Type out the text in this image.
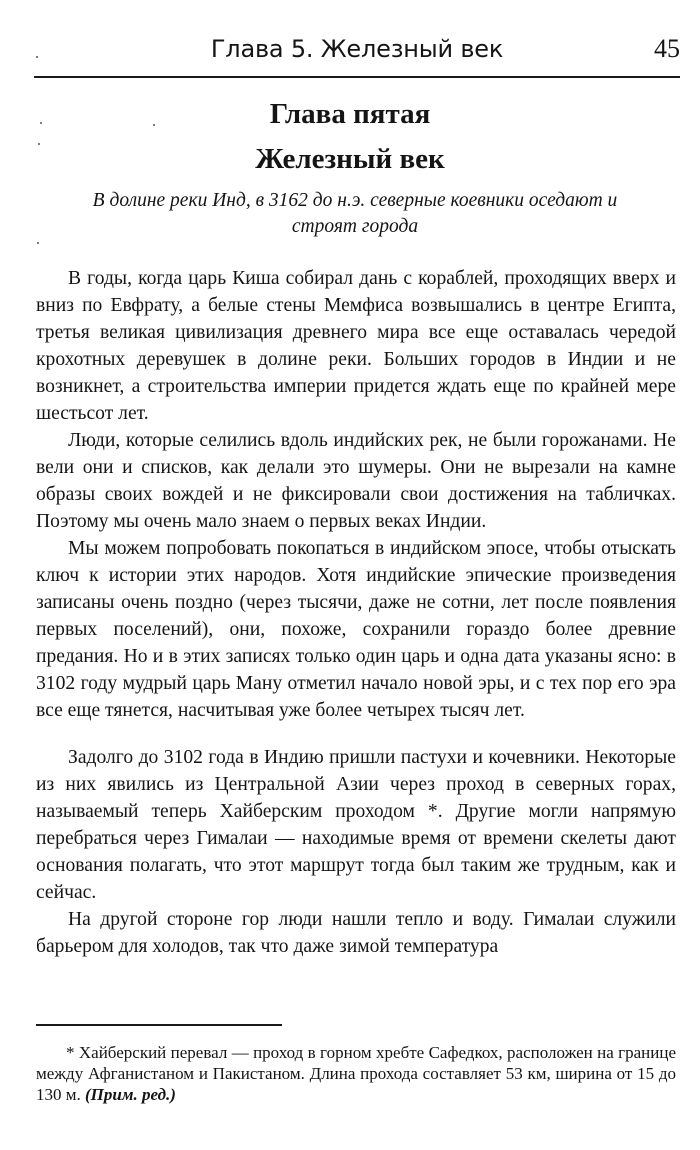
Глава 5. Железный век	45
Глава пятая
Железный век
В долине реки Инд, в 3162 до н.э. северные коевники оседают и строят города

В годы, когда царь Киша собирал дань с кораблей, проходящих вверх и вниз по Евфрату, а белые стены Мемфиса возвышались в центре Египта, третья великая цивилизация древнего мира все еще оставалась чередой крохотных деревушек в долине реки. Больших городов в Индии и не возникнет, а строительства империи придется ждать еще по крайней мере шестьсот лет.

Люди, которые селились вдоль индийских рек, не были горожанами. Не вели они и списков, как делали это шумеры. Они не вырезали на камне образы своих вождей и не фиксировали свои достижения на табличках. Поэтому мы очень мало знаем о первых веках Индии.

Мы можем попробовать покопаться в индийском эпосе, чтобы отыскать ключ к истории этих народов. Хотя индийские эпические произведения записаны очень поздно (через тысячи, даже не сотни, лет после появления первых поселений), они, похоже, сохранили гораздо более древние предания. Но и в этих записях только один царь и одна дата указаны ясно: в 3102 году мудрый царь Ману отметил начало новой эры, и с тех пор его эра все еще тянется, насчитывая уже более четырех тысяч лет.

Задолго до 3102 года в Индию пришли пастухи и кочевники. Некоторые из них явились из Центральной Азии через проход в северных горах, называемый теперь Хайберским проходом *. Другие могли напрямую перебраться через Гималаи — находимые время от времени скелеты дают основания полагать, что этот маршрут тогда был таким же трудным, как и сейчас.

На другой стороне гор люди нашли тепло и воду. Гималаи служили барьером для холодов, так что даже зимой температура

* Хайберский перевал — проход в горном хребте Сафедкох, расположен на границе между Афганистаном и Пакистаном. Длина прохода составляет 53 км, ширина от 15 до 130 м. (Прим. ред.)
